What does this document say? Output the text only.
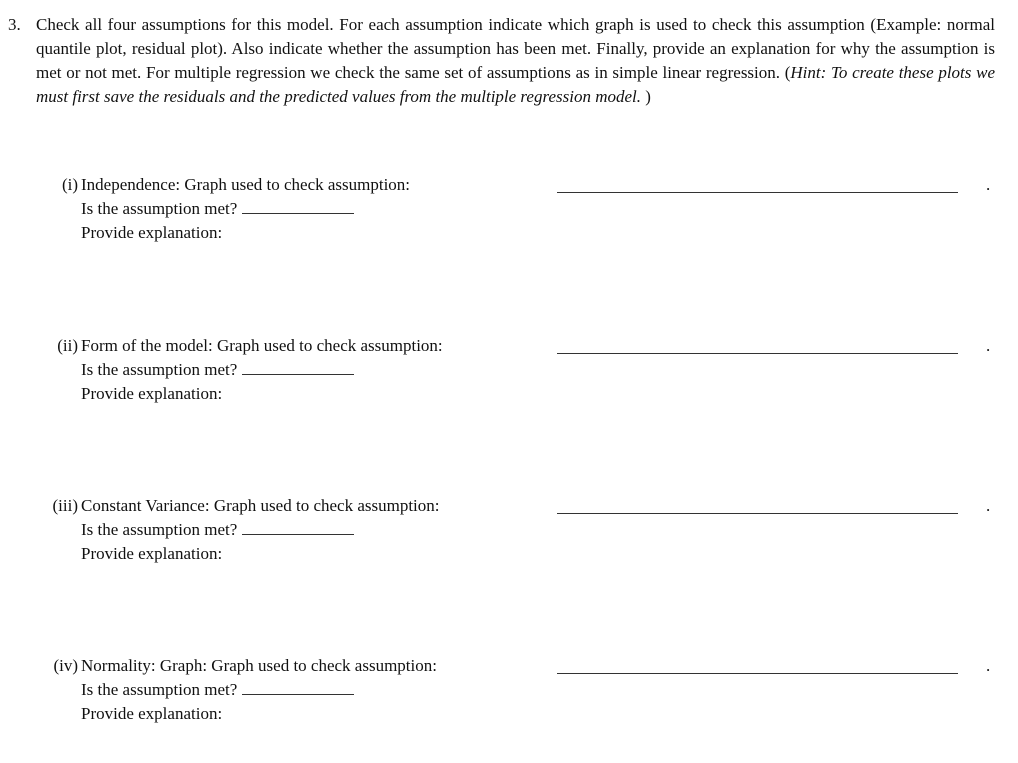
3. Check all four assumptions for this model. For each assumption indicate which graph is used to check this assumption (Example: normal quantile plot, residual plot). Also indicate whether the assumption has been met. Finally, provide an explanation for why the assumption is met or not met. For multiple regression we check the same set of assumptions as in simple linear regression. (Hint: To create these plots we must first save the residuals and the predicted values from the multiple regression model. )
(i) Independence: Graph used to check assumption:	.
Is the assumption met?
Provide explanation:
(ii) Form of the model: Graph used to check assumption:	.
Is the assumption met?
Provide explanation:
(iii) Constant Variance: Graph used to check assumption:	.
Is the assumption met?
Provide explanation:
(iv) Normality: Graph: Graph used to check assumption:	.
Is the assumption met?
Provide explanation:
